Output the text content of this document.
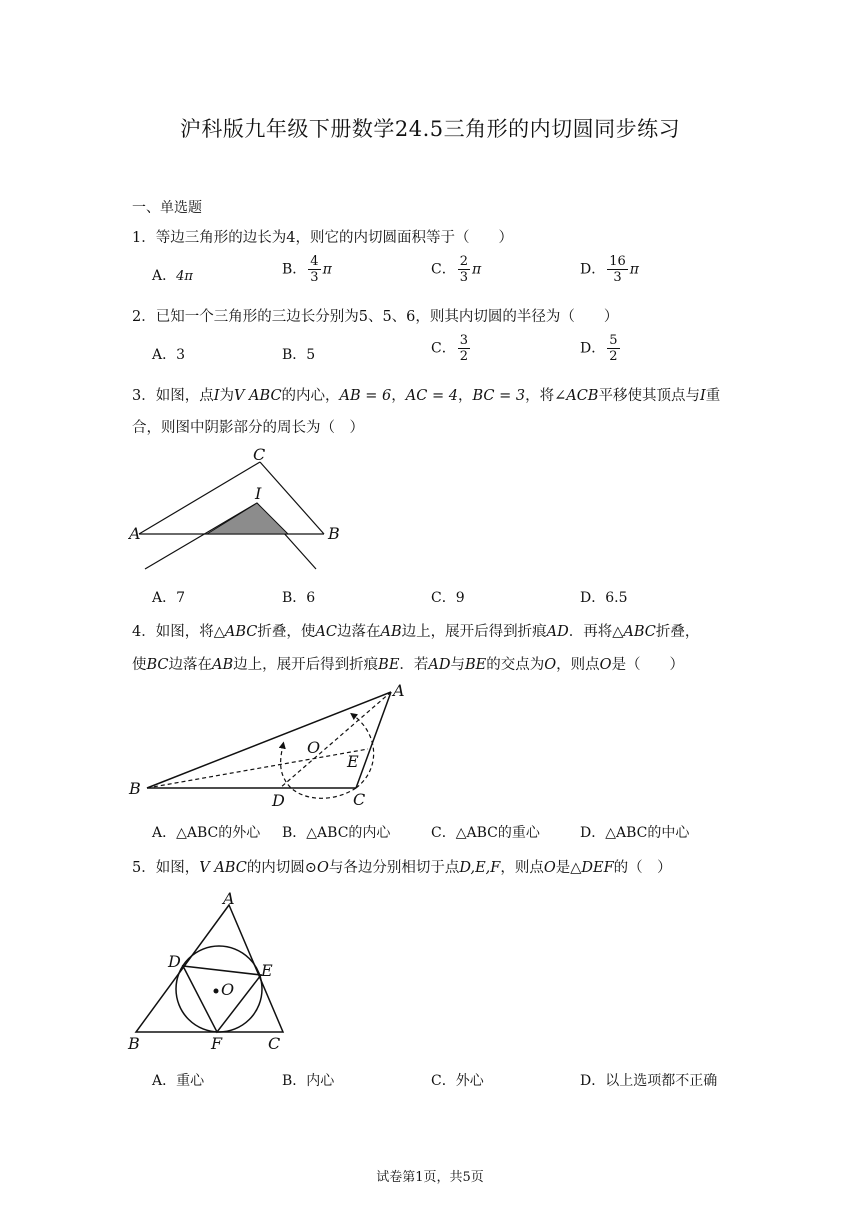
沪科版九年级下册数学24.5三角形的内切圆同步练习
一、单选题
1．等边三角形的边长为4，则它的内切圆面积等于（　　）
A．4π	B． $\frac{4}{3}$ π	C． $\frac{2}{3}$ π	D． $\frac{16}{3}$ π
2．已知一个三角形的三边长分别为5、5、6，则其内切圆的半径为（　　）
A．3	B．5	C． $\frac{3}{2}$	D． $\frac{5}{2}$
3．如图，点I为V ABC的内心，AB = 6，AC = 4，BC = 3，将∠ACB平移使其顶点与I重
合，则图中阴影部分的周长为（　）
C
I
A	B
A．7	B．6	C．9	D．6.5
4．如图，将△ABC折叠，使AC边落在AB边上，展开后得到折痕AD．再将△ABC折叠，
使BC边落在AB边上，展开后得到折痕BE．若AD与BE的交点为O，则点O是（　　）
A
B
C
D
E
O
A．△ABC的外心 B．△ABC的内心	C．△ABC的重心	D．△ABC的中心
5．如图，V ABC的内切圆⊙O与各边分别相切于点D,E,F，则点O是△DEF的（　）
A
D	E
O
B	F	C
A．重心	B．内心	C．外心	D．以上选项都不正确
试卷第1页，共5页
